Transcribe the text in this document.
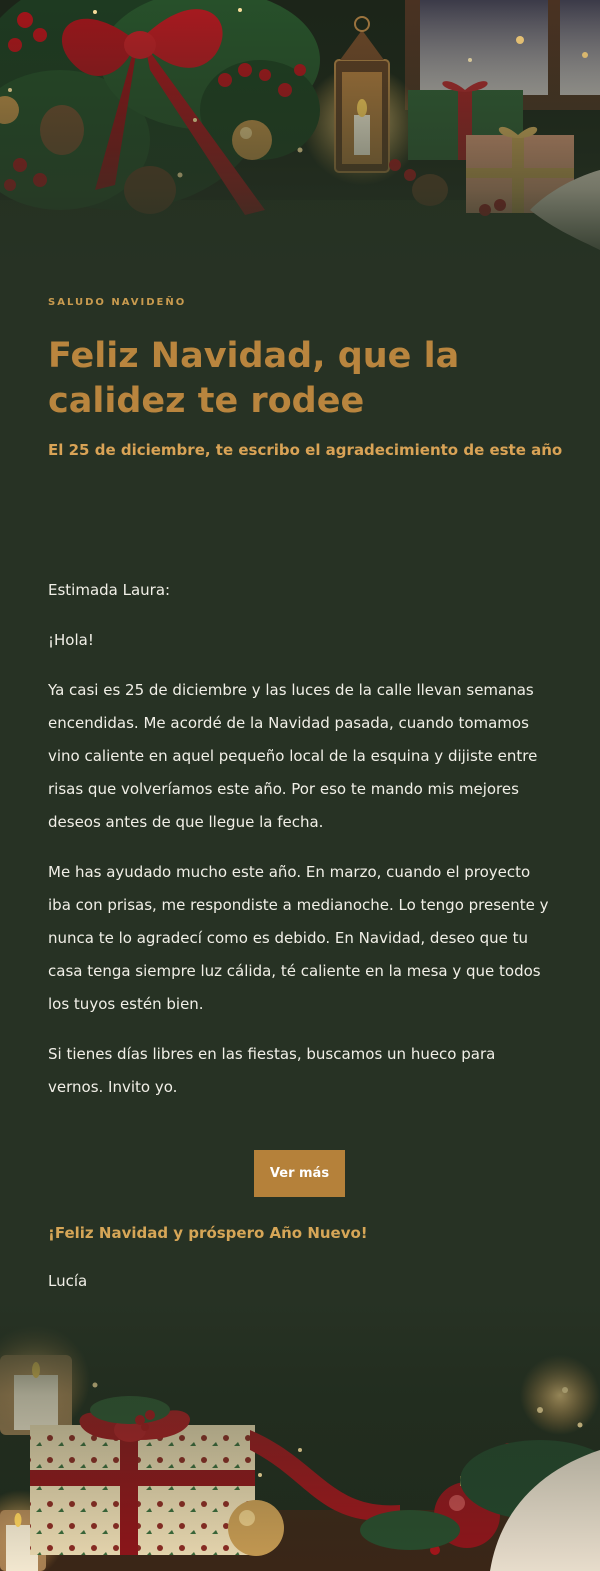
SALUDO NAVIDEÑO
Feliz Navidad, que la calidez te rodee

El 25 de diciembre, te escribo el agradecimiento de este año

Estimada Laura:

¡Hola!

Ya casi es 25 de diciembre y las luces de la calle llevan semanas encendidas. Me acordé de la Navidad pasada, cuando tomamos vino caliente en aquel pequeño local de la esquina y dijiste entre risas que volveríamos este año. Por eso te mando mis mejores deseos antes de que llegue la fecha.

Me has ayudado mucho este año. En marzo, cuando el proyecto iba con prisas, me respondiste a medianoche. Lo tengo presente y nunca te lo agradecí como es debido. En Navidad, deseo que tu casa tenga siempre luz cálida, té caliente en la mesa y que todos los tuyos estén bien.

Si tienes días libres en las fiestas, buscamos un hueco para vernos. Invito yo.

Ver más
¡Feliz Navidad y próspero Año Nuevo!
Lucía
